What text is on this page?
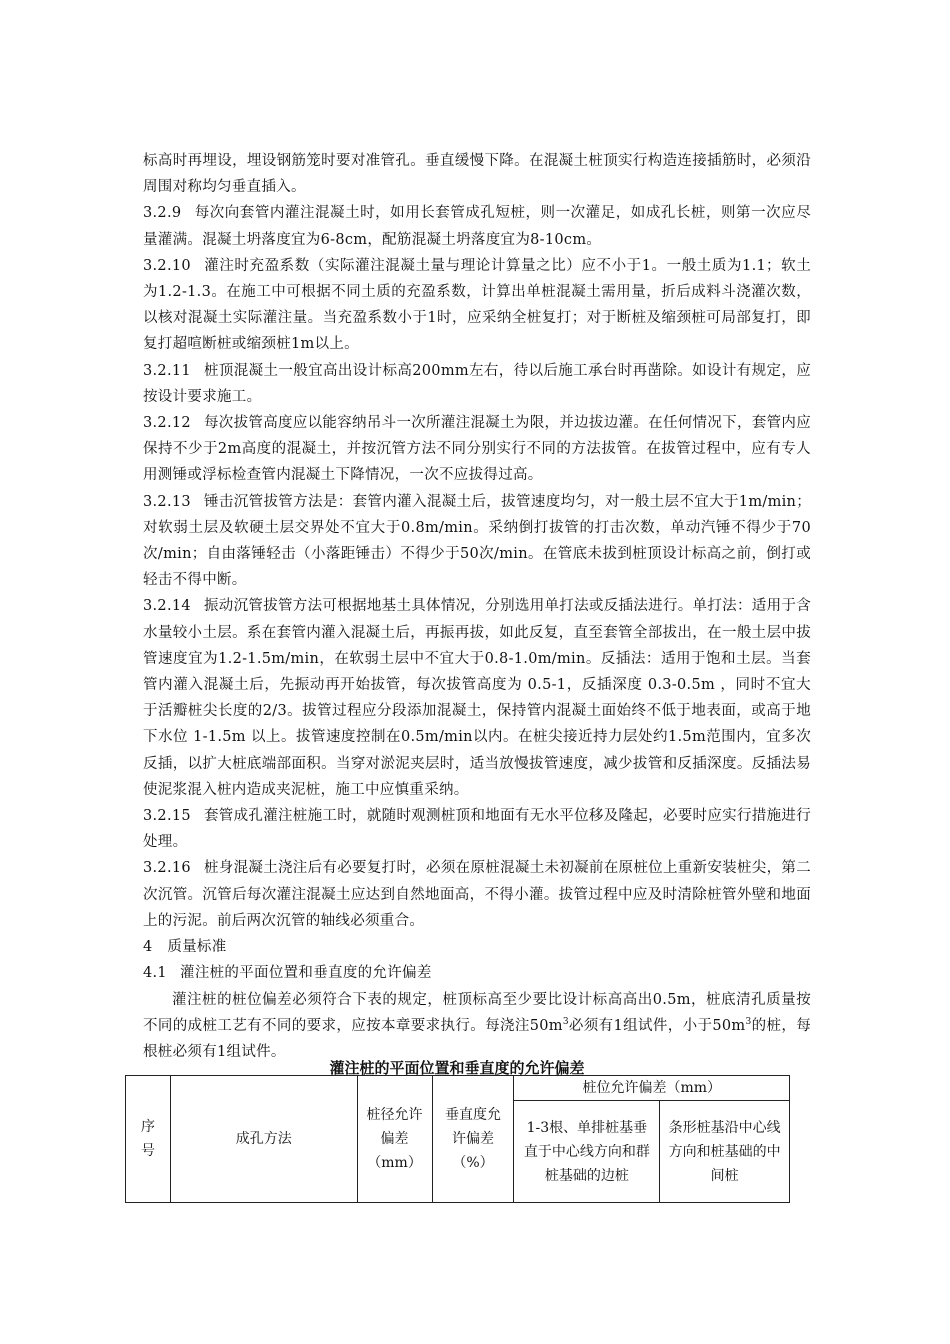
标高时再埋设，埋设钢筋笼时要对准管孔。垂直缓慢下降。在混凝土桩顶实行构造连接插筋时，必须沿周围对称均匀垂直插入。

3.2.9 每次向套管内灌注混凝土时，如用长套管成孔短桩，则一次灌足，如成孔长桩，则第一次应尽量灌满。混凝土坍落度宜为6-8cm，配筋混凝土坍落度宜为8-10cm。

3.2.10 灌注时充盈系数（实际灌注混凝土量与理论计算量之比）应不小于1。一般土质为1.1；软土为1.2-1.3。在施工中可根据不同土质的充盈系数，计算出单桩混凝土需用量，折后成料斗浇灌次数，以核对混凝土实际灌注量。当充盈系数小于1时，应采纳全桩复打；对于断桩及缩颈桩可局部复打，即复打超喧断桩或缩颈桩1m以上。

3.2.11 桩顶混凝土一般宜高出设计标高200mm左右，待以后施工承台时再凿除。如设计有规定，应按设计要求施工。

3.2.12 每次拔管高度应以能容纳吊斗一次所灌注混凝土为限，并边拔边灌。在任何情况下，套管内应保持不少于2m高度的混凝土，并按沉管方法不同分别实行不同的方法拔管。在拔管过程中，应有专人用测锤或浮标检查管内混凝土下降情况，一次不应拔得过高。

3.2.13 锤击沉管拔管方法是：套管内灌入混凝土后，拔管速度均匀，对一般土层不宜大于1m/min；对软弱土层及软硬土层交界处不宜大于0.8m/min。采纳倒打拔管的打击次数，单动汽锤不得少于70次/min；自由落锤轻击（小落距锤击）不得少于50次/min。在管底未拔到桩顶设计标高之前，倒打或轻击不得中断。

3.2.14 振动沉管拔管方法可根据地基土具体情况，分别选用单打法或反插法进行。单打法：适用于含水量较小土层。系在套管内灌入混凝土后，再振再拔，如此反复，直至套管全部拔出，在一般土层中拔管速度宜为1.2-1.5m/min，在软弱土层中不宜大于0.8-1.0m/min。反插法：适用于饱和土层。当套管内灌入混凝土后，先振动再开始拔管，每次拔管高度为 0.5-1，反插深度 0.3-0.5m ，同时不宜大于活瓣桩尖长度的2/3。拔管过程应分段添加混凝土，保持管内混凝土面始终不低于地表面，或高于地下水位 1-1.5m 以上。拔管速度控制在0.5m/min以内。在桩尖接近持力层处约1.5m范围内，宜多次反插，以扩大桩底端部面积。当穿对淤泥夹层时，适当放慢拔管速度，减少拔管和反插深度。反插法易使泥浆混入桩内造成夹泥桩，施工中应慎重采纳。

3.2.15 套管成孔灌注桩施工时，就随时观测桩顶和地面有无水平位移及隆起，必要时应实行措施进行处理。

3.2.16 桩身混凝土浇注后有必要复打时，必须在原桩混凝土未初凝前在原桩位上重新安装桩尖，第二次沉管。沉管后每次灌注混凝土应达到自然地面高，不得小灌。拔管过程中应及时清除桩管外壁和地面上的污泥。前后两次沉管的轴线必须重合。

4　质量标准

4.1 灌注桩的平面位置和垂直度的允许偏差

灌注桩的桩位偏差必须符合下表的规定，桩顶标高至少要比设计标高高出0.5m，桩底清孔质量按不同的成桩工艺有不同的要求，应按本章要求执行。每浇注$50m^3$必须有1组试件，小于$50m^3$的桩，每根桩必须有1组试件。

灌注桩的平面位置和垂直度的允许偏差
序号	成孔方法	桩径允许偏差（mm）	垂直度允许偏差（%）	桩位允许偏差（mm）	
				1-3根、单排桩基垂直于中心线方向和群桩基础的边桩	条形桩基沿中心线方向和桩基础的中间桩
